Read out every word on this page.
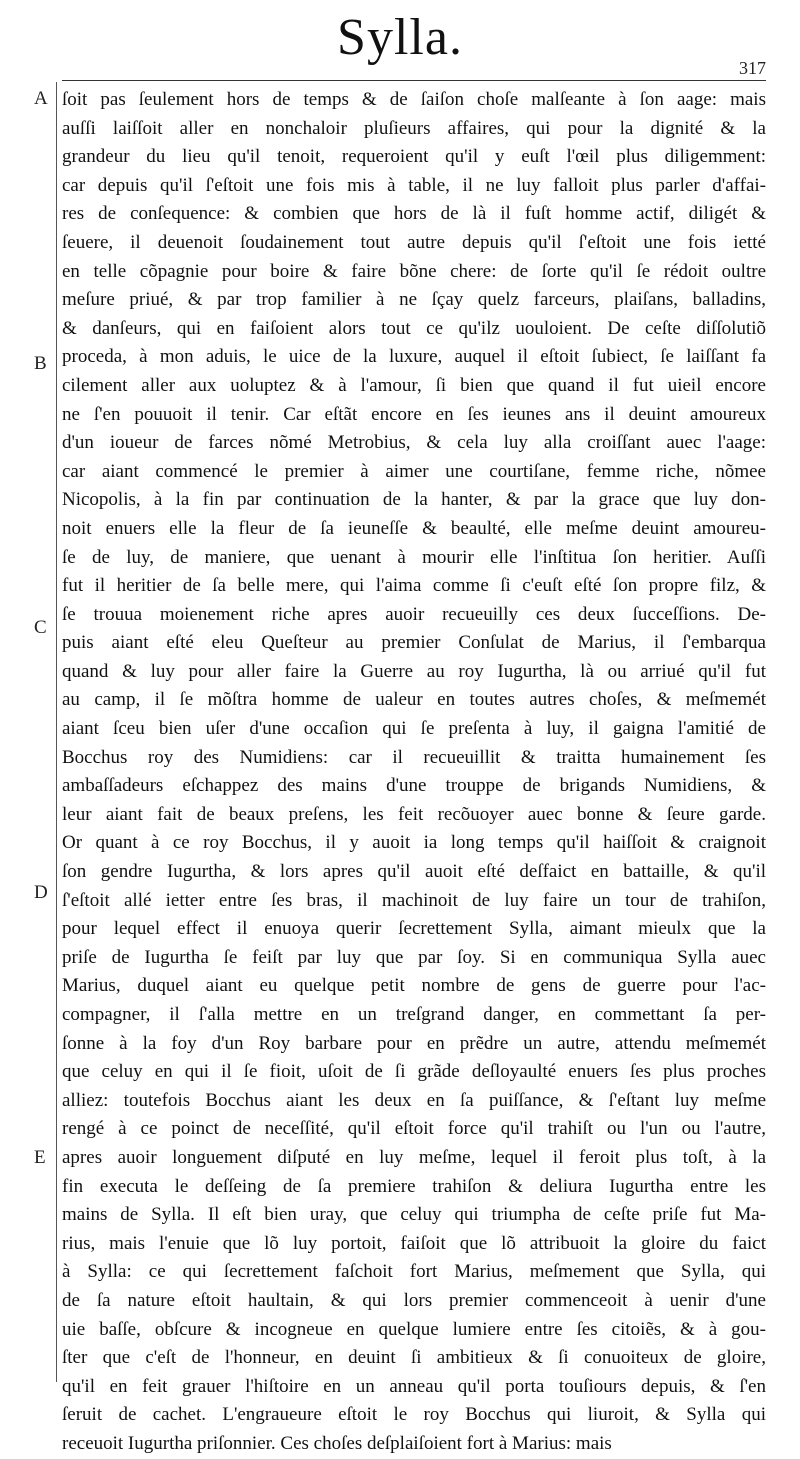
Sylla.
317
A
B
C
D
E
ſoit pas ſeulement hors de temps & de ſaiſon choſe malſeante à ſon aage: mais
auſſi laiſſoit aller en nonchaloir pluſieurs affaires, qui pour la dignité & la
grandeur du lieu qu'il tenoit, requeroient qu'il y euſt l'œil plus diligemment:
car depuis qu'il ſ'eſtoit une fois mis à table, il ne luy falloit plus parler d'affai-
res de conſequence: & combien que hors de là il fuſt homme actif, diligét &
ſeuere, il deuenoit ſoudainement tout autre depuis qu'il ſ'eſtoit une fois ietté
en telle cõpagnie pour boire & faire bõne chere: de ſorte qu'il ſe rédoit oultre
meſure priué, & par trop familier à ne ſçay quelz farceurs, plaiſans, balladins,
& danſeurs, qui en faiſoient alors tout ce qu'ilz uouloient. De ceſte diſſolutiõ
proceda, à mon aduis, le uice de la luxure, auquel il eſtoit ſubiect, ſe laiſſant fa
cilement aller aux uoluptez & à l'amour, ſi bien que quand il fut uieil encore
ne ſ'en pouuoit il tenir. Car eſtãt encore en ſes ieunes ans il deuint amoureux
d'un ioueur de farces nõmé Metrobius, & cela luy alla croiſſant auec l'aage:
car aiant commencé le premier à aimer une courtiſane, femme riche, nõmee
Nicopolis, à la fin par continuation de la hanter, & par la grace que luy don-
noit enuers elle la fleur de ſa ieuneſſe & beaulté, elle meſme deuint amoureu-
ſe de luy, de maniere, que uenant à mourir elle l'inſtitua ſon heritier. Auſſi
fut il heritier de ſa belle mere, qui l'aima comme ſi c'euſt eſté ſon propre filz, &
ſe trouua moienement riche apres auoir recueuilly ces deux ſucceſſions. De-
puis aiant eſté eleu Queſteur au premier Conſulat de Marius, il ſ'embarqua
quand & luy pour aller faire la Guerre au roy Iugurtha, là ou arriué qu'il fut
au camp, il ſe mõſtra homme de ualeur en toutes autres choſes, & meſmemét
aiant ſceu bien uſer d'une occaſion qui ſe preſenta à luy, il gaigna l'amitié de
Bocchus roy des Numidiens: car il recueuillit & traitta humainement ſes
ambaſſadeurs eſchappez des mains d'une trouppe de brigands Numidiens, &
leur aiant fait de beaux preſens, les feit recõuoyer auec bonne & ſeure garde.
Or quant à ce roy Bocchus, il y auoit ia long temps qu'il haiſſoit & craignoit
ſon gendre Iugurtha, & lors apres qu'il auoit eſté deſfaict en battaille, & qu'il
ſ'eſtoit allé ietter entre ſes bras, il machinoit de luy faire un tour de trahiſon,
pour lequel effect il enuoya querir ſecrettement Sylla, aimant mieulx que la
priſe de Iugurtha ſe feiſt par luy que par ſoy. Si en communiqua Sylla auec
Marius, duquel aiant eu quelque petit nombre de gens de guerre pour l'ac-
compagner, il ſ'alla mettre en un treſgrand danger, en commettant ſa per-
ſonne à la foy d'un Roy barbare pour en prẽdre un autre, attendu meſmemét
que celuy en qui il ſe fioit, uſoit de ſi grãde deſloyaulté enuers ſes plus proches
alliez: toutefois Bocchus aiant les deux en ſa puiſſance, & ſ'eſtant luy meſme
rengé à ce poinct de neceſſité, qu'il eſtoit force qu'il trahiſt ou l'un ou l'autre,
apres auoir longuement diſputé en luy meſme, lequel il feroit plus toſt, à la
fin executa le deſſeing de ſa premiere trahiſon & deliura Iugurtha entre les
mains de Sylla. Il eſt bien uray, que celuy qui triumpha de ceſte priſe fut Ma-
rius, mais l'enuie que lõ luy portoit, faiſoit que lõ attribuoit la gloire du faict
à Sylla: ce qui ſecrettement faſchoit fort Marius, meſmement que Sylla, qui
de ſa nature eſtoit haultain, & qui lors premier commenceoit à uenir d'une
uie baſſe, obſcure & incogneue en quelque lumiere entre ſes citoiẽs, & à gou-
ſter que c'eſt de l'honneur, en deuint ſi ambitieux & ſi conuoiteux de gloire,
qu'il en feit grauer l'hiſtoire en un anneau qu'il porta touſiours depuis, & ſ'en
ſeruit de cachet. L'engraueure eſtoit le roy Bocchus qui liuroit, & Sylla qui
receuoit Iugurtha priſonnier. Ces choſes deſplaiſoient fort à Marius: mais
